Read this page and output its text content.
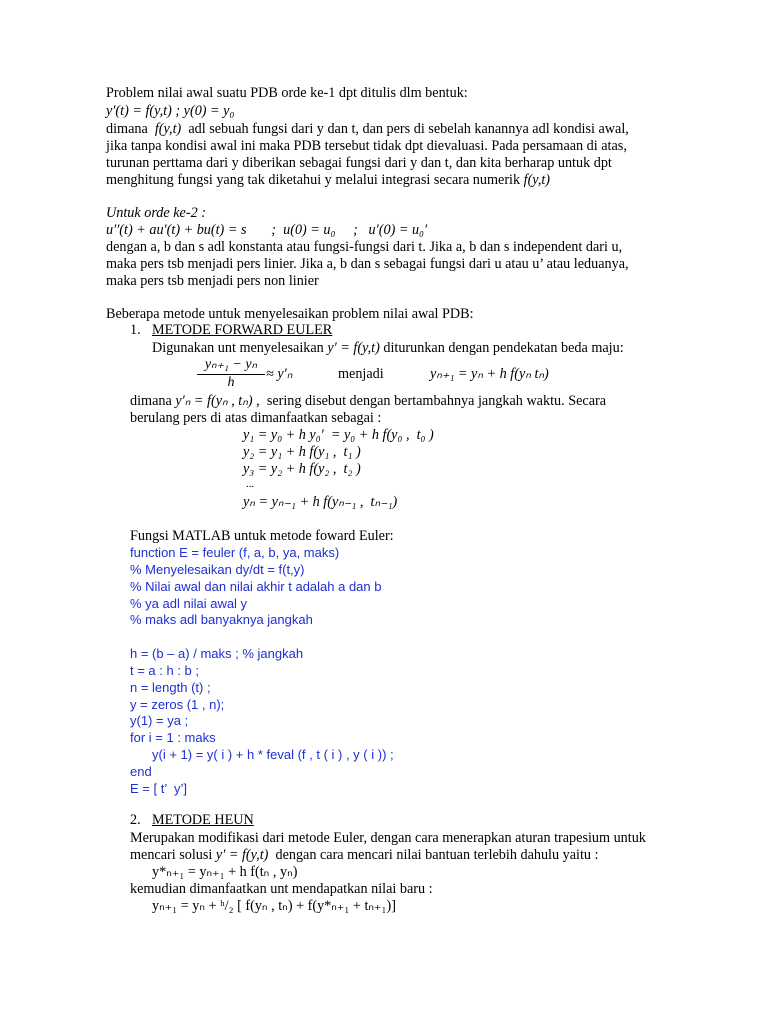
Problem nilai awal suatu PDB orde ke-1 dpt ditulis dlm bentuk:
y′(t) = f(y,t) ; y(0) = y₀
dimana f(y,t) adl sebuah fungsi dari y dan t, dan pers di sebelah kanannya adl kondisi awal,
jika tanpa kondisi awal ini maka PDB tersebut tidak dpt dievaluasi. Pada persamaan di atas,
turunan perttama dari y diberikan sebagai fungsi dari y dan t, dan kita berharap untuk dpt
menghitung fungsi yang tak diketahui y melalui integrasi secara numerik f(y,t)
Untuk orde ke-2 :
u′′(t) + au′(t) + bu(t) = s       ;  u(0) = u₀     ;   u′(0) = u₀′
dengan a, b dan s adl konstanta atau fungsi-fungsi dari t. Jika a, b dan s independent dari u,
maka pers tsb menjadi pers linier. Jika a, b dan s sebagai fungsi dari u atau u’ atau leduanya,
maka pers tsb menjadi pers non linier
Beberapa metode untuk menyelesaikan problem nilai awal PDB:
1. METODE FORWARD EULER
Digunakan unt menyelesaikan y′ = f(y,t) diturunkan dengan pendekatan beda maju:
$\frac{\text{yₙ₊₁ − yₙ}}{h} \approx y'_n$	menjadi	yₙ₊₁ = yₙ + h f(yₙ tₙ)
dimana y′ₙ = f(yₙ , tₙ) , sering disebut dengan bertambahnya jangkah waktu. Secara
berulang pers di atas dimanfaatkan sebagai :
y₁ = y₀ + h y₀′  = y₀ + h f(y₀ ,  t₀ )
y₂ = y₁ + h f(y₁ ,  t₁ )
y₃ = y₂ + h f(y₂ ,  t₂ )
...
yₙ = yₙ₋₁ + h f(yₙ₋₁ ,  tₙ₋₁)
Fungsi MATLAB untuk metode foward Euler:
function E = feuler (f, a, b, ya, maks)
% Menyelesaikan dy/dt = f(t,y)
% Nilai awal dan nilai akhir t adalah a dan b
% ya adl nilai awal y
% maks adl banyaknya jangkah
h = (b – a) / maks ; % jangkah
t = a : h : b ;
n = length (t) ;
y = zeros (1 , n);
y(1) = ya ;
for i = 1 : maks
y(i + 1) = y( i ) + h * feval (f , t ( i ) , y ( i )) ;
end
E = [ t’  y’]
2. METODE HEUN
Merupakan modifikasi dari metode Euler, dengan cara menerapkan aturan trapesium untuk
mencari solusi y′ = f(y,t) dengan cara mencari nilai bantuan terlebih dahulu yaitu :
y*ₙ₊₁ = yₙ₊₁ + h f(tₙ , yₙ)
kemudian dimanfaatkan unt mendapatkan nilai baru :
yₙ₊₁ = yₙ + ʰ/₂ [ f(yₙ , tₙ) + f(y*ₙ₊₁ + tₙ₊₁)]
